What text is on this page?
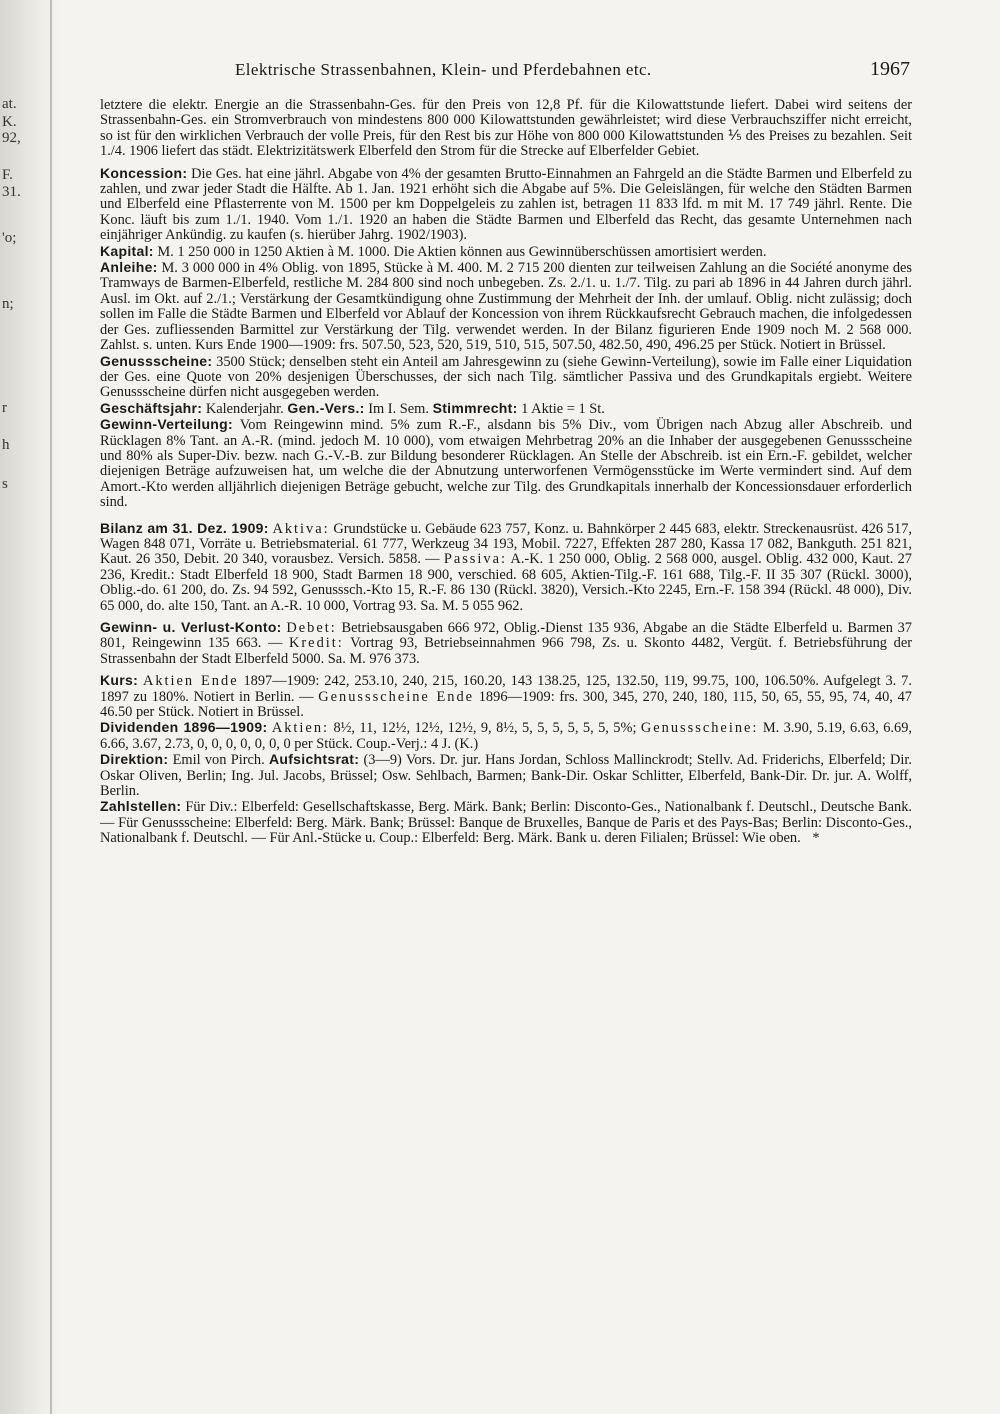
at.
K.
92,
F.
31.
'o;
n;
r
h
s
Elektrische Strassenbahnen, Klein- und Pferdebahnen etc.	1967

letztere die elektr. Energie an die Strassenbahn-Ges. für den Preis von 12,8 Pf. für die Kilowattstunde liefert. Dabei wird seitens der Strassenbahn-Ges. ein Stromverbrauch von mindestens 800 000 Kilowattstunden gewährleistet; wird diese Verbrauchsziffer nicht erreicht, so ist für den wirklichen Verbrauch der volle Preis, für den Rest bis zur Höhe von 800 000 Kilowattstunden ⅕ des Preises zu bezahlen. Seit 1./4. 1906 liefert das städt. Elektrizitätswerk Elberfeld den Strom für die Strecke auf Elberfelder Gebiet.

Koncession: Die Ges. hat eine jährl. Abgabe von 4% der gesamten Brutto-Einnahmen an Fahrgeld an die Städte Barmen und Elberfeld zu zahlen, und zwar jeder Stadt die Hälfte. Ab 1. Jan. 1921 erhöht sich die Abgabe auf 5%. Die Geleislängen, für welche den Städten Barmen und Elberfeld eine Pflasterrente von M. 1500 per km Doppelgeleis zu zahlen ist, betragen 11 833 lfd. m mit M. 17 749 jährl. Rente. Die Konc. läuft bis zum 1./1. 1940. Vom 1./1. 1920 an haben die Städte Barmen und Elberfeld das Recht, das gesamte Unternehmen nach einjähriger Ankündig. zu kaufen (s. hierüber Jahrg. 1902/1903).

Kapital: M. 1 250 000 in 1250 Aktien à M. 1000. Die Aktien können aus Gewinnüberschüssen amortisiert werden.

Anleihe: M. 3 000 000 in 4% Oblig. von 1895, Stücke à M. 400. M. 2 715 200 dienten zur teilweisen Zahlung an die Société anonyme des Tramways de Barmen-Elberfeld, restliche M. 284 800 sind noch unbegeben. Zs. 2./1. u. 1./7. Tilg. zu pari ab 1896 in 44 Jahren durch jährl. Ausl. im Okt. auf 2./1.; Verstärkung der Gesamtkündigung ohne Zustimmung der Mehrheit der Inh. der umlauf. Oblig. nicht zulässig; doch sollen im Falle die Städte Barmen und Elberfeld vor Ablauf der Koncession von ihrem Rückkaufsrecht Gebrauch machen, die infolgedessen der Ges. zufliessenden Barmittel zur Verstärkung der Tilg. verwendet werden. In der Bilanz figurieren Ende 1909 noch M. 2 568 000. Zahlst. s. unten. Kurs Ende 1900—1909: frs. 507.50, 523, 520, 519, 510, 515, 507.50, 482.50, 490, 496.25 per Stück. Notiert in Brüssel.

Genussscheine: 3500 Stück; denselben steht ein Anteil am Jahresgewinn zu (siehe Gewinn-Verteilung), sowie im Falle einer Liquidation der Ges. eine Quote von 20% desjenigen Überschusses, der sich nach Tilg. sämtlicher Passiva und des Grundkapitals ergiebt. Weitere Genussscheine dürfen nicht ausgegeben werden.

Geschäftsjahr: Kalenderjahr. Gen.-Vers.: Im I. Sem. Stimmrecht: 1 Aktie = 1 St.

Gewinn-Verteilung: Vom Reingewinn mind. 5% zum R.-F., alsdann bis 5% Div., vom Übrigen nach Abzug aller Abschreib. und Rücklagen 8% Tant. an A.-R. (mind. jedoch M. 10 000), vom etwaigen Mehrbetrag 20% an die Inhaber der ausgegebenen Genussscheine und 80% als Super-Div. bezw. nach G.-V.-B. zur Bildung besonderer Rücklagen. An Stelle der Abschreib. ist ein Ern.-F. gebildet, welcher diejenigen Beträge aufzuweisen hat, um welche die der Abnutzung unterworfenen Vermögensstücke im Werte vermindert sind. Auf dem Amort.-Kto werden alljährlich diejenigen Beträge gebucht, welche zur Tilg. des Grundkapitals innerhalb der Koncessionsdauer erforderlich sind.

Bilanz am 31. Dez. 1909: Aktiva: Grundstücke u. Gebäude 623 757, Konz. u. Bahnkörper 2 445 683, elektr. Streckenausrüst. 426 517, Wagen 848 071, Vorräte u. Betriebsmaterial. 61 777, Werkzeug 34 193, Mobil. 7227, Effekten 287 280, Kassa 17 082, Bankguth. 251 821, Kaut. 26 350, Debit. 20 340, vorausbez. Versich. 5858. — Passiva: A.-K. 1 250 000, Oblig. 2 568 000, ausgel. Oblig. 432 000, Kaut. 27 236, Kredit.: Stadt Elberfeld 18 900, Stadt Barmen 18 900, verschied. 68 605, Aktien-Tilg.-F. 161 688, Tilg.-F. II 35 307 (Rückl. 3000), Oblig.-do. 61 200, do. Zs. 94 592, Genusssch.-Kto 15, R.-F. 86 130 (Rückl. 3820), Versich.-Kto 2245, Ern.-F. 158 394 (Rückl. 48 000), Div. 65 000, do. alte 150, Tant. an A.-R. 10 000, Vortrag 93. Sa. M. 5 055 962.

Gewinn- u. Verlust-Konto: Debet: Betriebsausgaben 666 972, Oblig.-Dienst 135 936, Abgabe an die Städte Elberfeld u. Barmen 37 801, Reingewinn 135 663. — Kredit: Vortrag 93, Betriebseinnahmen 966 798, Zs. u. Skonto 4482, Vergüt. f. Betriebsführung der Strassenbahn der Stadt Elberfeld 5000. Sa. M. 976 373.

Kurs: Aktien Ende 1897—1909: 242, 253.10, 240, 215, 160.20, 143 138.25, 125, 132.50, 119, 99.75, 100, 106.50%. Aufgelegt 3. 7. 1897 zu 180%. Notiert in Berlin. — Genussscheine Ende 1896—1909: frs. 300, 345, 270, 240, 180, 115, 50, 65, 55, 95, 74, 40, 47 46.50 per Stück. Notiert in Brüssel.

Dividenden 1896—1909: Aktien: 8½, 11, 12½, 12½, 12½, 9, 8½, 5, 5, 5, 5, 5, 5, 5%; Genussscheine: M. 3.90, 5.19, 6.63, 6.69, 6.66, 3.67, 2.73, 0, 0, 0, 0, 0, 0, 0 per Stück. Coup.-Verj.: 4 J. (K.)

Direktion: Emil von Pirch. Aufsichtsrat: (3—9) Vors. Dr. jur. Hans Jordan, Schloss Mallinckrodt; Stellv. Ad. Friderichs, Elberfeld; Dir. Oskar Oliven, Berlin; Ing. Jul. Jacobs, Brüssel; Osw. Sehlbach, Barmen; Bank-Dir. Oskar Schlitter, Elberfeld, Bank-Dir. Dr. jur. A. Wolff, Berlin.

Zahlstellen: Für Div.: Elberfeld: Gesellschaftskasse, Berg. Märk. Bank; Berlin: Disconto-Ges., Nationalbank f. Deutschl., Deutsche Bank. — Für Genussscheine: Elberfeld: Berg. Märk. Bank; Brüssel: Banque de Bruxelles, Banque de Paris et des Pays-Bas; Berlin: Disconto-Ges., Nationalbank f. Deutschl. — Für Anl.-Stücke u. Coup.: Elberfeld: Berg. Märk. Bank u. deren Filialen; Brüssel: Wie oben. *
